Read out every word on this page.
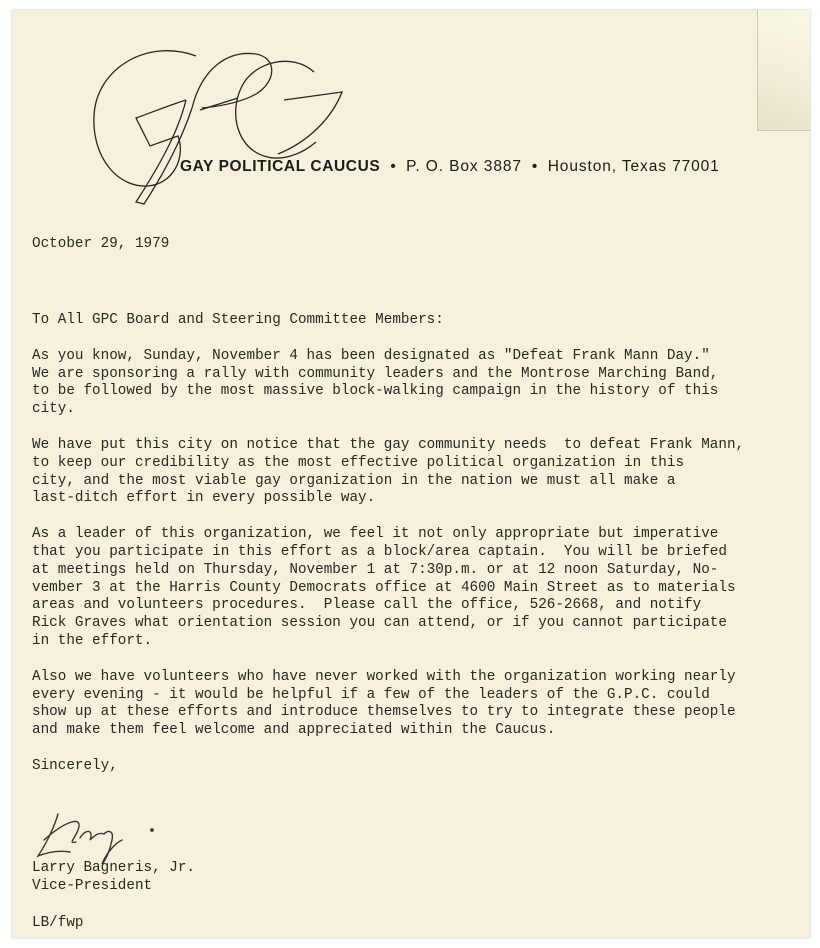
GAY POLITICAL CAUCUS • P. O. Box 3887 • Houston, Texas 77001
October 29, 1979

To All GPC Board and Steering Committee Members:

As you know, Sunday, November 4 has been designated as "Defeat Frank Mann Day."
We are sponsoring a rally with community leaders and the Montrose Marching Band,
to be followed by the most massive block-walking campaign in the history of this
city.

We have put this city on notice that the gay community needs  to defeat Frank Mann,
to keep our credibility as the most effective political organization in this
city, and the most viable gay organization in the nation we must all make a
last-ditch effort in every possible way.

As a leader of this organization, we feel it not only appropriate but imperative
that you participate in this effort as a block/area captain.  You will be briefed
at meetings held on Thursday, November 1 at 7:30p.m. or at 12 noon Saturday, No-
vember 3 at the Harris County Democrats office at 4600 Main Street as to materials
areas and volunteers procedures.  Please call the office, 526-2668, and notify
Rick Graves what orientation session you can attend, or if you cannot participate
in the effort.

Also we have volunteers who have never worked with the organization working nearly
every evening - it would be helpful if a few of the leaders of the G.P.C. could
show up at these efforts and introduce themselves to try to integrate these people
and make them feel welcome and appreciated within the Caucus.

Sincerely,

Larry Bagneris, Jr.
Vice-President
LB/fwp
